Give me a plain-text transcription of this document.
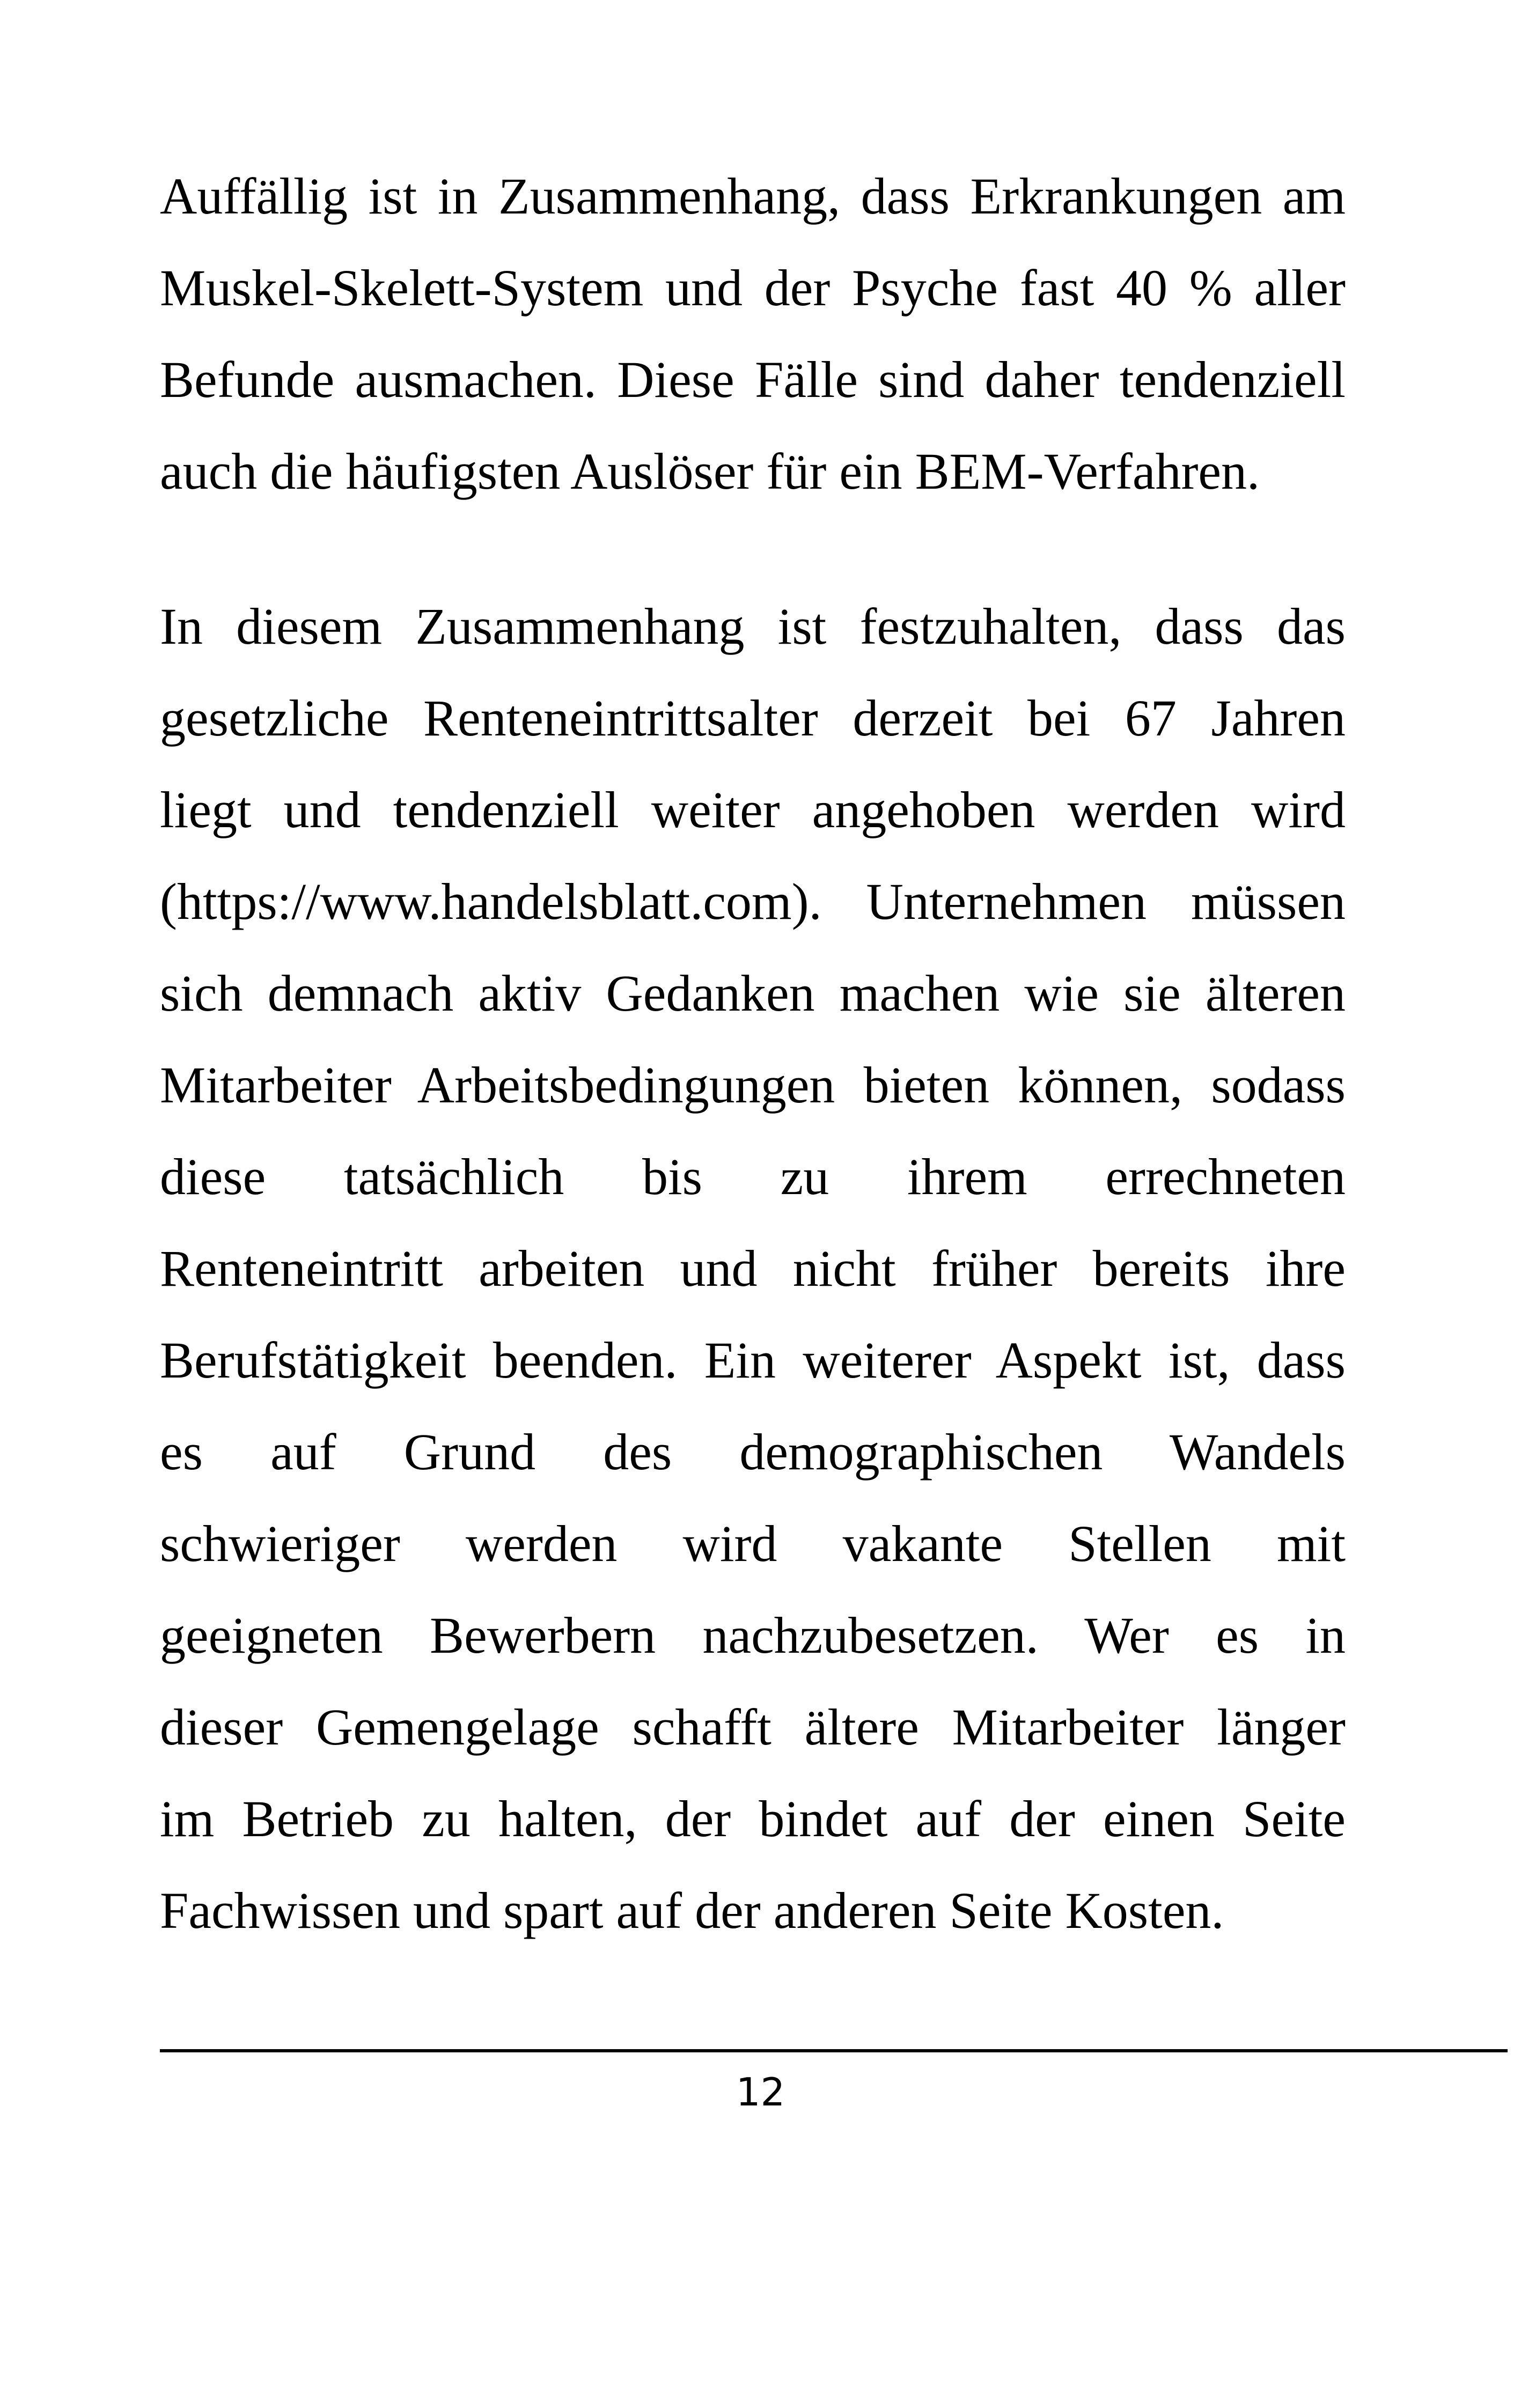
Auffällig ist in Zusammenhang, dass Erkrankungen am
Muskel-Skelett-System und der Psyche fast 40 % aller
Befunde ausmachen. Diese Fälle sind daher tendenziell
auch die häufigsten Auslöser für ein BEM-Verfahren.
In diesem Zusammenhang ist festzuhalten, dass das
gesetzliche Renteneintrittsalter derzeit bei 67 Jahren
liegt und tendenziell weiter angehoben werden wird
(https://www.handelsblatt.com). Unternehmen müssen
sich demnach aktiv Gedanken machen wie sie älteren
Mitarbeiter Arbeitsbedingungen bieten können, sodass
diese tatsächlich bis zu ihrem errechneten
Renteneintritt arbeiten und nicht früher bereits ihre
Berufstätigkeit beenden. Ein weiterer Aspekt ist, dass
es auf Grund des demographischen Wandels
schwieriger werden wird vakante Stellen mit
geeigneten Bewerbern nachzubesetzen. Wer es in
dieser Gemengelage schafft ältere Mitarbeiter länger
im Betrieb zu halten, der bindet auf der einen Seite
Fachwissen und spart auf der anderen Seite Kosten.
12
